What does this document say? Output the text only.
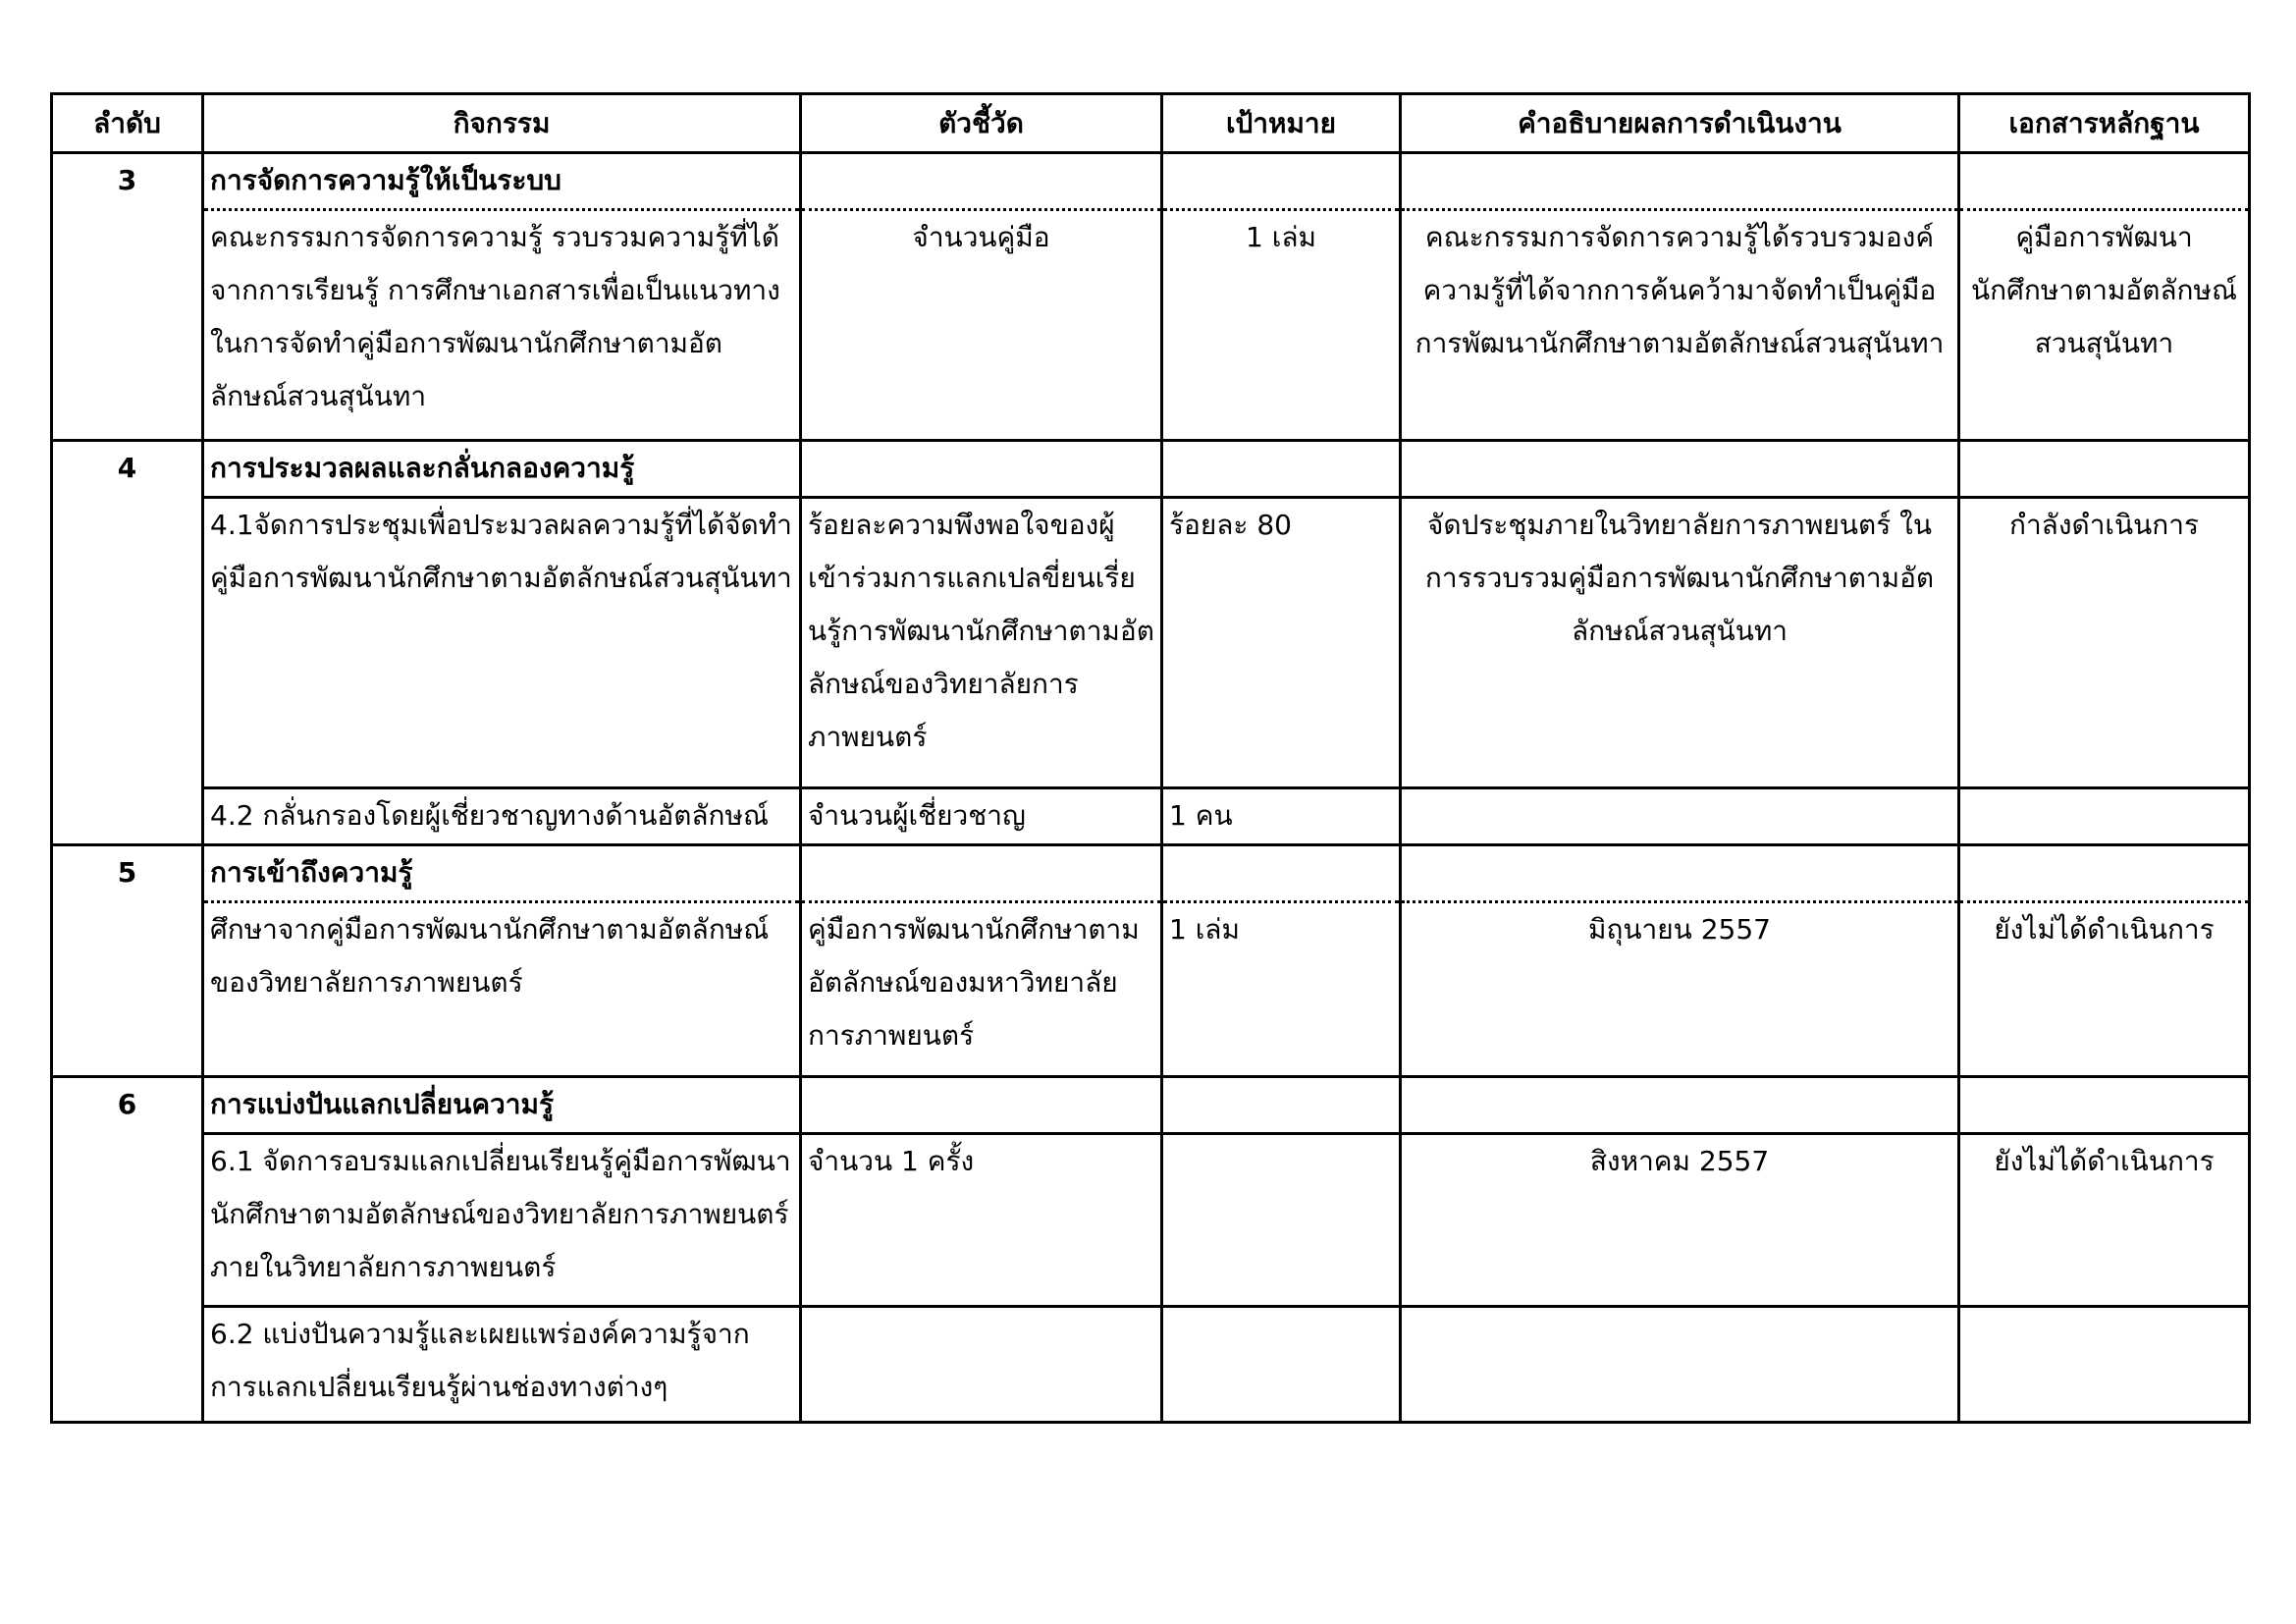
ลำดับ	กิจกรรม	ตัวชี้วัด	เป้าหมาย	คำอธิบายผลการดำเนินงาน	เอกสารหลักฐาน
3	การจัดการความรู้ให้เป็นระบบ				
	คณะกรรมการจัดการความรู้ รวบรวมความรู้ที่ได้จากการเรียนรู้ การศึกษาเอกสารเพื่อเป็นแนวทางในการจัดทำคู่มือการพัฒนานักศึกษาตามอัตลักษณ์สวนสุนันทา	จำนวนคู่มือ	1 เล่ม	คณะกรรมการจัดการความรู้ได้รวบรวมองค์ความรู้ที่ได้จากการค้นคว้ามาจัดทำเป็นคู่มือการพัฒนานักศึกษาตามอัตลักษณ์สวนสุนันทา	คู่มือการพัฒนานักศึกษาตามอัตลักษณ์สวนสุนันทา
4	การประมวลผลและกลั่นกลองความรู้				
	4.1จัดการประชุมเพื่อประมวลผลความรู้ที่ได้จัดทำคู่มือการพัฒนานักศึกษาตามอัตลักษณ์สวนสุนันทา	ร้อยละความพึงพอใจของผู้เข้าร่วมการแลกเปลขี่ยนเรี่ยนรู้การพัฒนานักศึกษาตามอัตลักษณ์ของวิทยาลัยการภาพยนตร์	ร้อยละ 80	จัดประชุมภายในวิทยาลัยการภาพยนตร์ ในการรวบรวมคู่มือการพัฒนานักศึกษาตามอัตลักษณ์สวนสุนันทา	กำลังดำเนินการ
	4.2 กลั่นกรองโดยผู้เชี่ยวชาญทางด้านอัตลักษณ์	จำนวนผู้เชี่ยวชาญ	1 คน		
5	การเข้าถึงความรู้				
	ศึกษาจากคู่มือการพัฒนานักศึกษาตามอัตลักษณ์ของวิทยาลัยการภาพยนตร์	คู่มือการพัฒนานักศึกษาตามอัตลักษณ์ของมหาวิทยาลัยการภาพยนตร์	1 เล่ม	มิถุนายน 2557	ยังไม่ได้ดำเนินการ
6	การแบ่งปันแลกเปลี่ยนความรู้				
	6.1 จัดการอบรมแลกเปลี่ยนเรียนรู้คู่มือการพัฒนานักศึกษาตามอัตลักษณ์ของวิทยาลัยการภาพยนตร์ ภายในวิทยาลัยการภาพยนตร์	จำนวน 1 ครั้ง		สิงหาคม 2557	ยังไม่ได้ดำเนินการ
	6.2 แบ่งปันความรู้และเผยแพร่องค์ความรู้จากการแลกเปลี่ยนเรียนรู้ผ่านช่องทางต่างๆ				
